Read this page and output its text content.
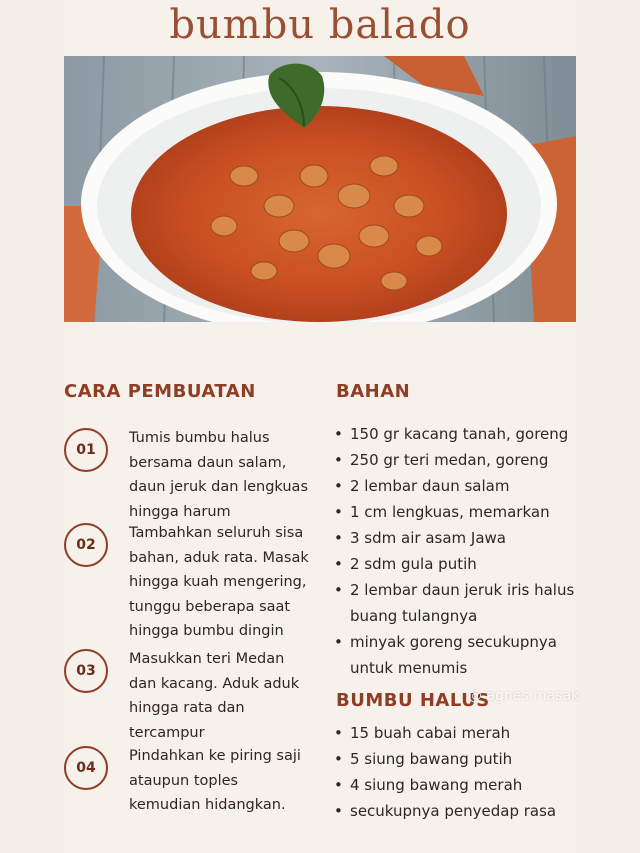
bumbu balado
CARA PEMBUATAN	BAHAN
01
Tumis bumbu halus bersama daun salam, daun jeruk dan lengkuas hingga harum
02
Tambahkan seluruh sisa bahan, aduk rata. Masak hingga kuah mengering, tunggu beberapa saat hingga bumbu dingin
03
Masukkan teri Medan dan kacang. Aduk aduk hingga rata dan tercampur
04
Pindahkan ke piring saji ataupun toples kemudian hidangkan.
• 150 gr kacang tanah, goreng
• 250 gr teri medan, goreng
• 2 lembar daun salam
• 1 cm lengkuas, memarkan
• 3 sdm air asam Jawa
• 2 sdm gula putih
• 2 lembar daun jeruk iris halus buang tulangnya
• minyak goreng secukupnya untuk menumis
BUMBU HALUS
@ agnes.masak
• 15 buah cabai merah
• 5 siung bawang putih
• 4 siung bawang merah
• secukupnya penyedap rasa
